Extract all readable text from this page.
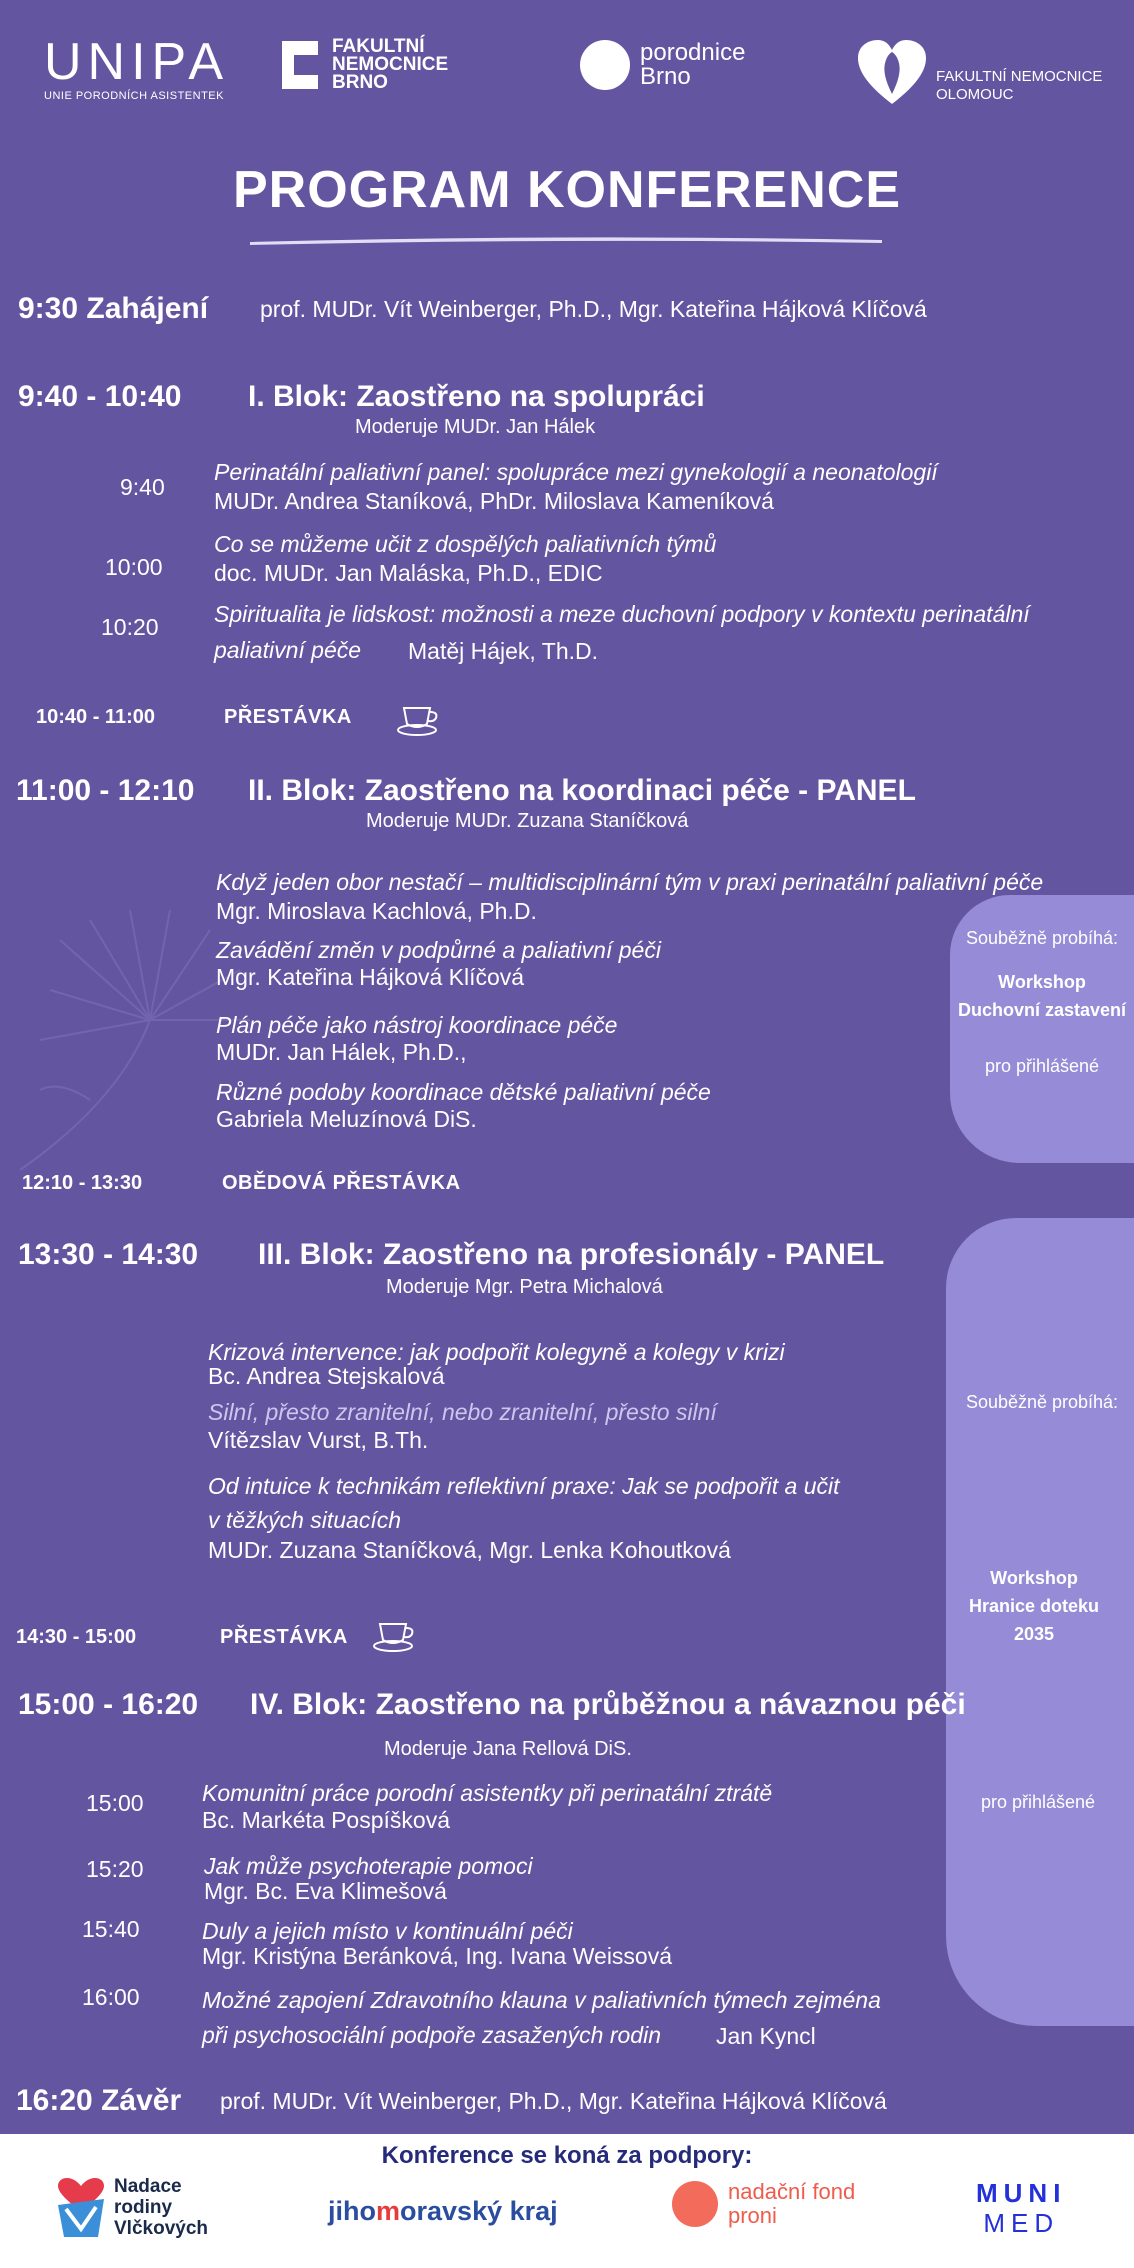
UNIPA
UNIE PORODNÍCH ASISTENTEK
FAKULTNÍ
NEMOCNICE
BRNO
porodnice
Brno	FAKULTNÍ NEMOCNICE
OLOMOUC
PROGRAM KONFERENCE
9:30 Zahájení prof. MUDr. Vít Weinberger, Ph.D., Mgr. Kateřina Hájková Klíčová
9:40 - 10:40 I. Blok: Zaostřeno na spolupráci
Moderuje MUDr. Jan Hálek
9:40
Perinatální paliativní panel: spolupráce mezi gynekologií a neonatologií
MUDr. Andrea Staníková, PhDr. Miloslava Kameníková
10:00
Co se můžeme učit z dospělých paliativních týmů
doc. MUDr. Jan Maláska, Ph.D., EDIC
10:20 Spiritualita je lidskost: možnosti a meze duchovní podpory v kontextu perinatální
paliativní péče Matěj Hájek, Th.D.
10:40 - 11:00	PŘESTÁVKA
11:00 - 12:10 II. Blok: Zaostřeno na koordinaci péče - PANEL
Moderuje MUDr. Zuzana Staníčková
Když jeden obor nestačí – multidisciplinární tým v praxi perinatální paliativní péče
Mgr. Miroslava Kachlová, Ph.D.
Zavádění změn v podpůrné a paliativní péči
Mgr. Kateřina Hájková Klíčová
Plán péče jako nástroj koordinace péče
MUDr. Jan Hálek, Ph.D.,
Různé podoby koordinace dětské paliativní péče
Gabriela Meluzínová DiS.
Souběžně probíhá:
Workshop
Duchovní zastavení
pro přihlášené
12:10 - 13:30	OBĚDOVÁ PŘESTÁVKA
Souběžně probíhá:
Workshop
Hranice doteku
2035
pro přihlášené
13:30 - 14:30 III. Blok: Zaostřeno na profesionály - PANEL
Moderuje Mgr. Petra Michalová
Krizová intervence: jak podpořit kolegyně a kolegy v krizi
Bc. Andrea Stejskalová
Silní, přesto zranitelní, nebo zranitelní, přesto silní
Vítězslav Vurst, B.Th.
Od intuice k technikám reflektivní praxe: Jak se podpořit a učit
v těžkých situacích
MUDr. Zuzana Staníčková, Mgr. Lenka Kohoutková
14:30 - 15:00	PŘESTÁVKA
15:00 - 16:20 IV. Blok: Zaostřeno na průběžnou a návaznou péči
Moderuje Jana Rellová DiS.
15:00	Komunitní práce porodní asistentky při perinatální ztrátě
Bc. Markéta Pospíšková
15:20	Jak může psychoterapie pomoci
Mgr. Bc. Eva Klimešová
15:40	Duly a jejich místo v kontinuální péči
Mgr. Kristýna Beránková, Ing. Ivana Weissová
16:00	Možné zapojení Zdravotního klauna v paliativních týmech zejména
při psychosociální podpoře zasažených rodin Jan Kyncl
16:20 Závěr prof. MUDr. Vít Weinberger, Ph.D., Mgr. Kateřina Hájková Klíčová
Konference se koná za podpory:
Nadace
rodiny
Vlčkových
jihomoravský kraj
nadační fond
proni
MUNI
MED
